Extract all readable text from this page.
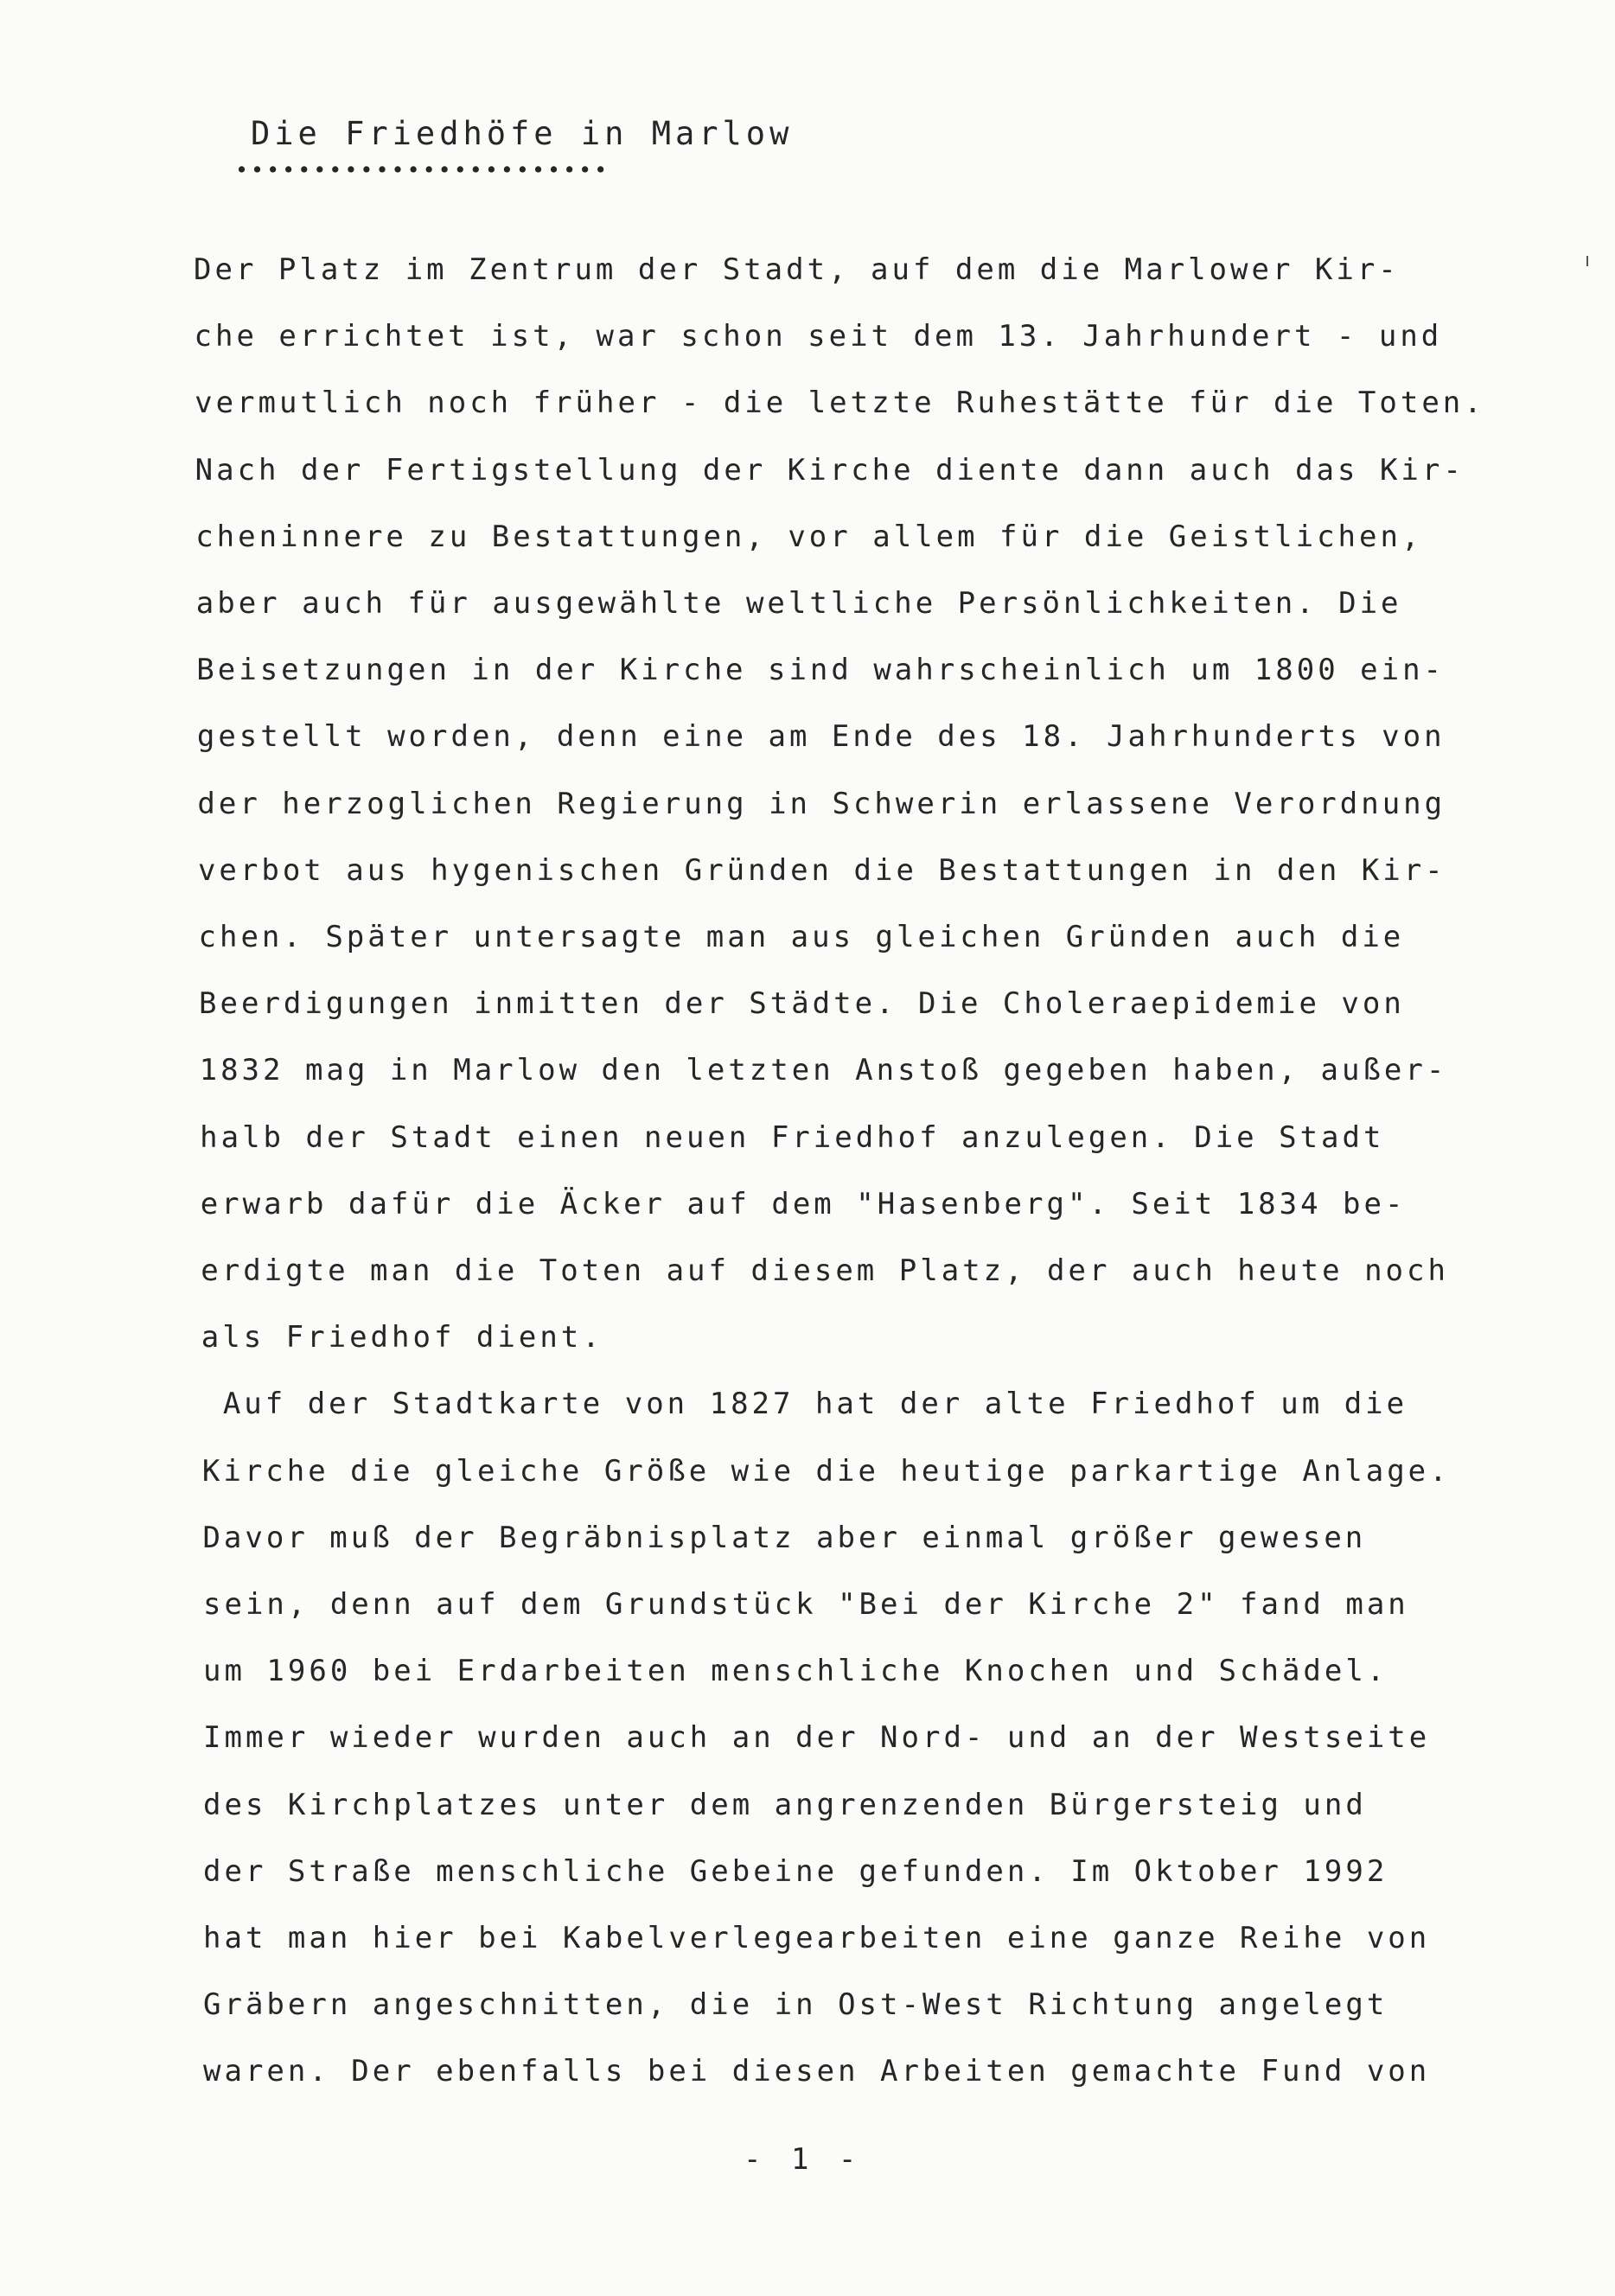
Die Friedhöfe in Marlow
••••••••••••••••••••••••
Der Platz im Zentrum der Stadt, auf dem die Marlower Kir-
che errichtet ist, war schon seit dem 13. Jahrhundert - und
vermutlich noch früher - die letzte Ruhestätte für die Toten.
Nach der Fertigstellung der Kirche diente dann auch das Kir-
cheninnere zu Bestattungen, vor allem für die Geistlichen,
aber auch für ausgewählte weltliche Persönlichkeiten. Die
Beisetzungen in der Kirche sind wahrscheinlich um 1800 ein-
gestellt worden, denn eine am Ende des 18. Jahrhunderts von
der herzoglichen Regierung in Schwerin erlassene Verordnung
verbot aus hygenischen Gründen die Bestattungen in den Kir-
chen. Später untersagte man aus gleichen Gründen auch die
Beerdigungen inmitten der Städte. Die Choleraepidemie von
1832 mag in Marlow den letzten Anstoß gegeben haben, außer-
halb der Stadt einen neuen Friedhof anzulegen. Die Stadt
erwarb dafür die Äcker auf dem "Hasenberg". Seit 1834 be-
erdigte man die Toten auf diesem Platz, der auch heute noch
als Friedhof dient.
Auf der Stadtkarte von 1827 hat der alte Friedhof um die
Kirche die gleiche Größe wie die heutige parkartige Anlage.
Davor muß der Begräbnisplatz aber einmal größer gewesen
sein, denn auf dem Grundstück "Bei der Kirche 2" fand man
um 1960 bei Erdarbeiten menschliche Knochen und Schädel.
Immer wieder wurden auch an der Nord- und an der Westseite
des Kirchplatzes unter dem angrenzenden Bürgersteig und
der Straße menschliche Gebeine gefunden. Im Oktober 1992
hat man hier bei Kabelverlegearbeiten eine ganze Reihe von
Gräbern angeschnitten, die in Ost-West Richtung angelegt
waren. Der ebenfalls bei diesen Arbeiten gemachte Fund von
- 1 -
